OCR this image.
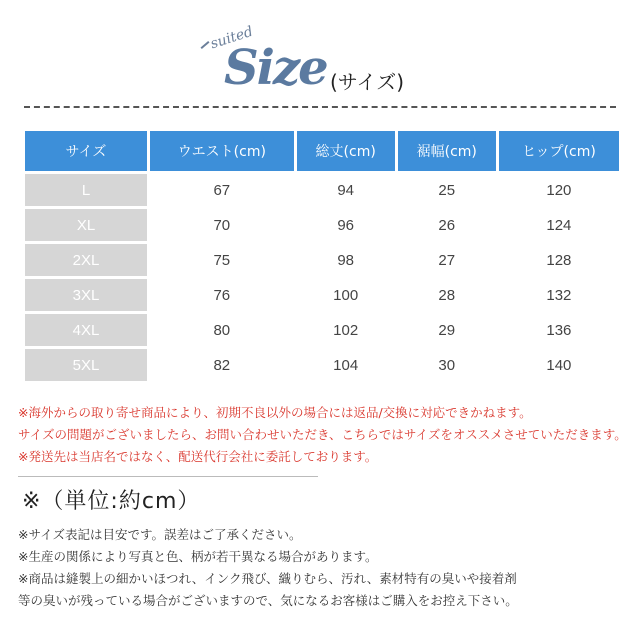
suited
Size (サイズ)
サイズ	ウエスト(cm)	総丈(cm)	裾幅(cm)	ヒップ(cm)
L	67	94	25	120
XL	70	96	26	124
2XL	75	98	27	128
3XL	76	100	28	132
4XL	80	102	29	136
5XL	82	104	30	140
※海外からの取り寄せ商品により、初期不良以外の場合には返品/交換に対応できかねます。
サイズの問題がございましたら、お問い合わせいただき、こちらではサイズをオススメさせていただきます。
※発送先は当店名ではなく、配送代行会社に委託しております。
※（単位:約cm）
※サイズ表記は目安です。誤差はご了承ください。
※生産の関係により写真と色、柄が若干異なる場合があります。
※商品は縫製上の細かいほつれ、インク飛び、織りむら、汚れ、素材特有の臭いや接着剤
等の臭いが残っている場合がございますので、気になるお客様はご購入をお控え下さい。
